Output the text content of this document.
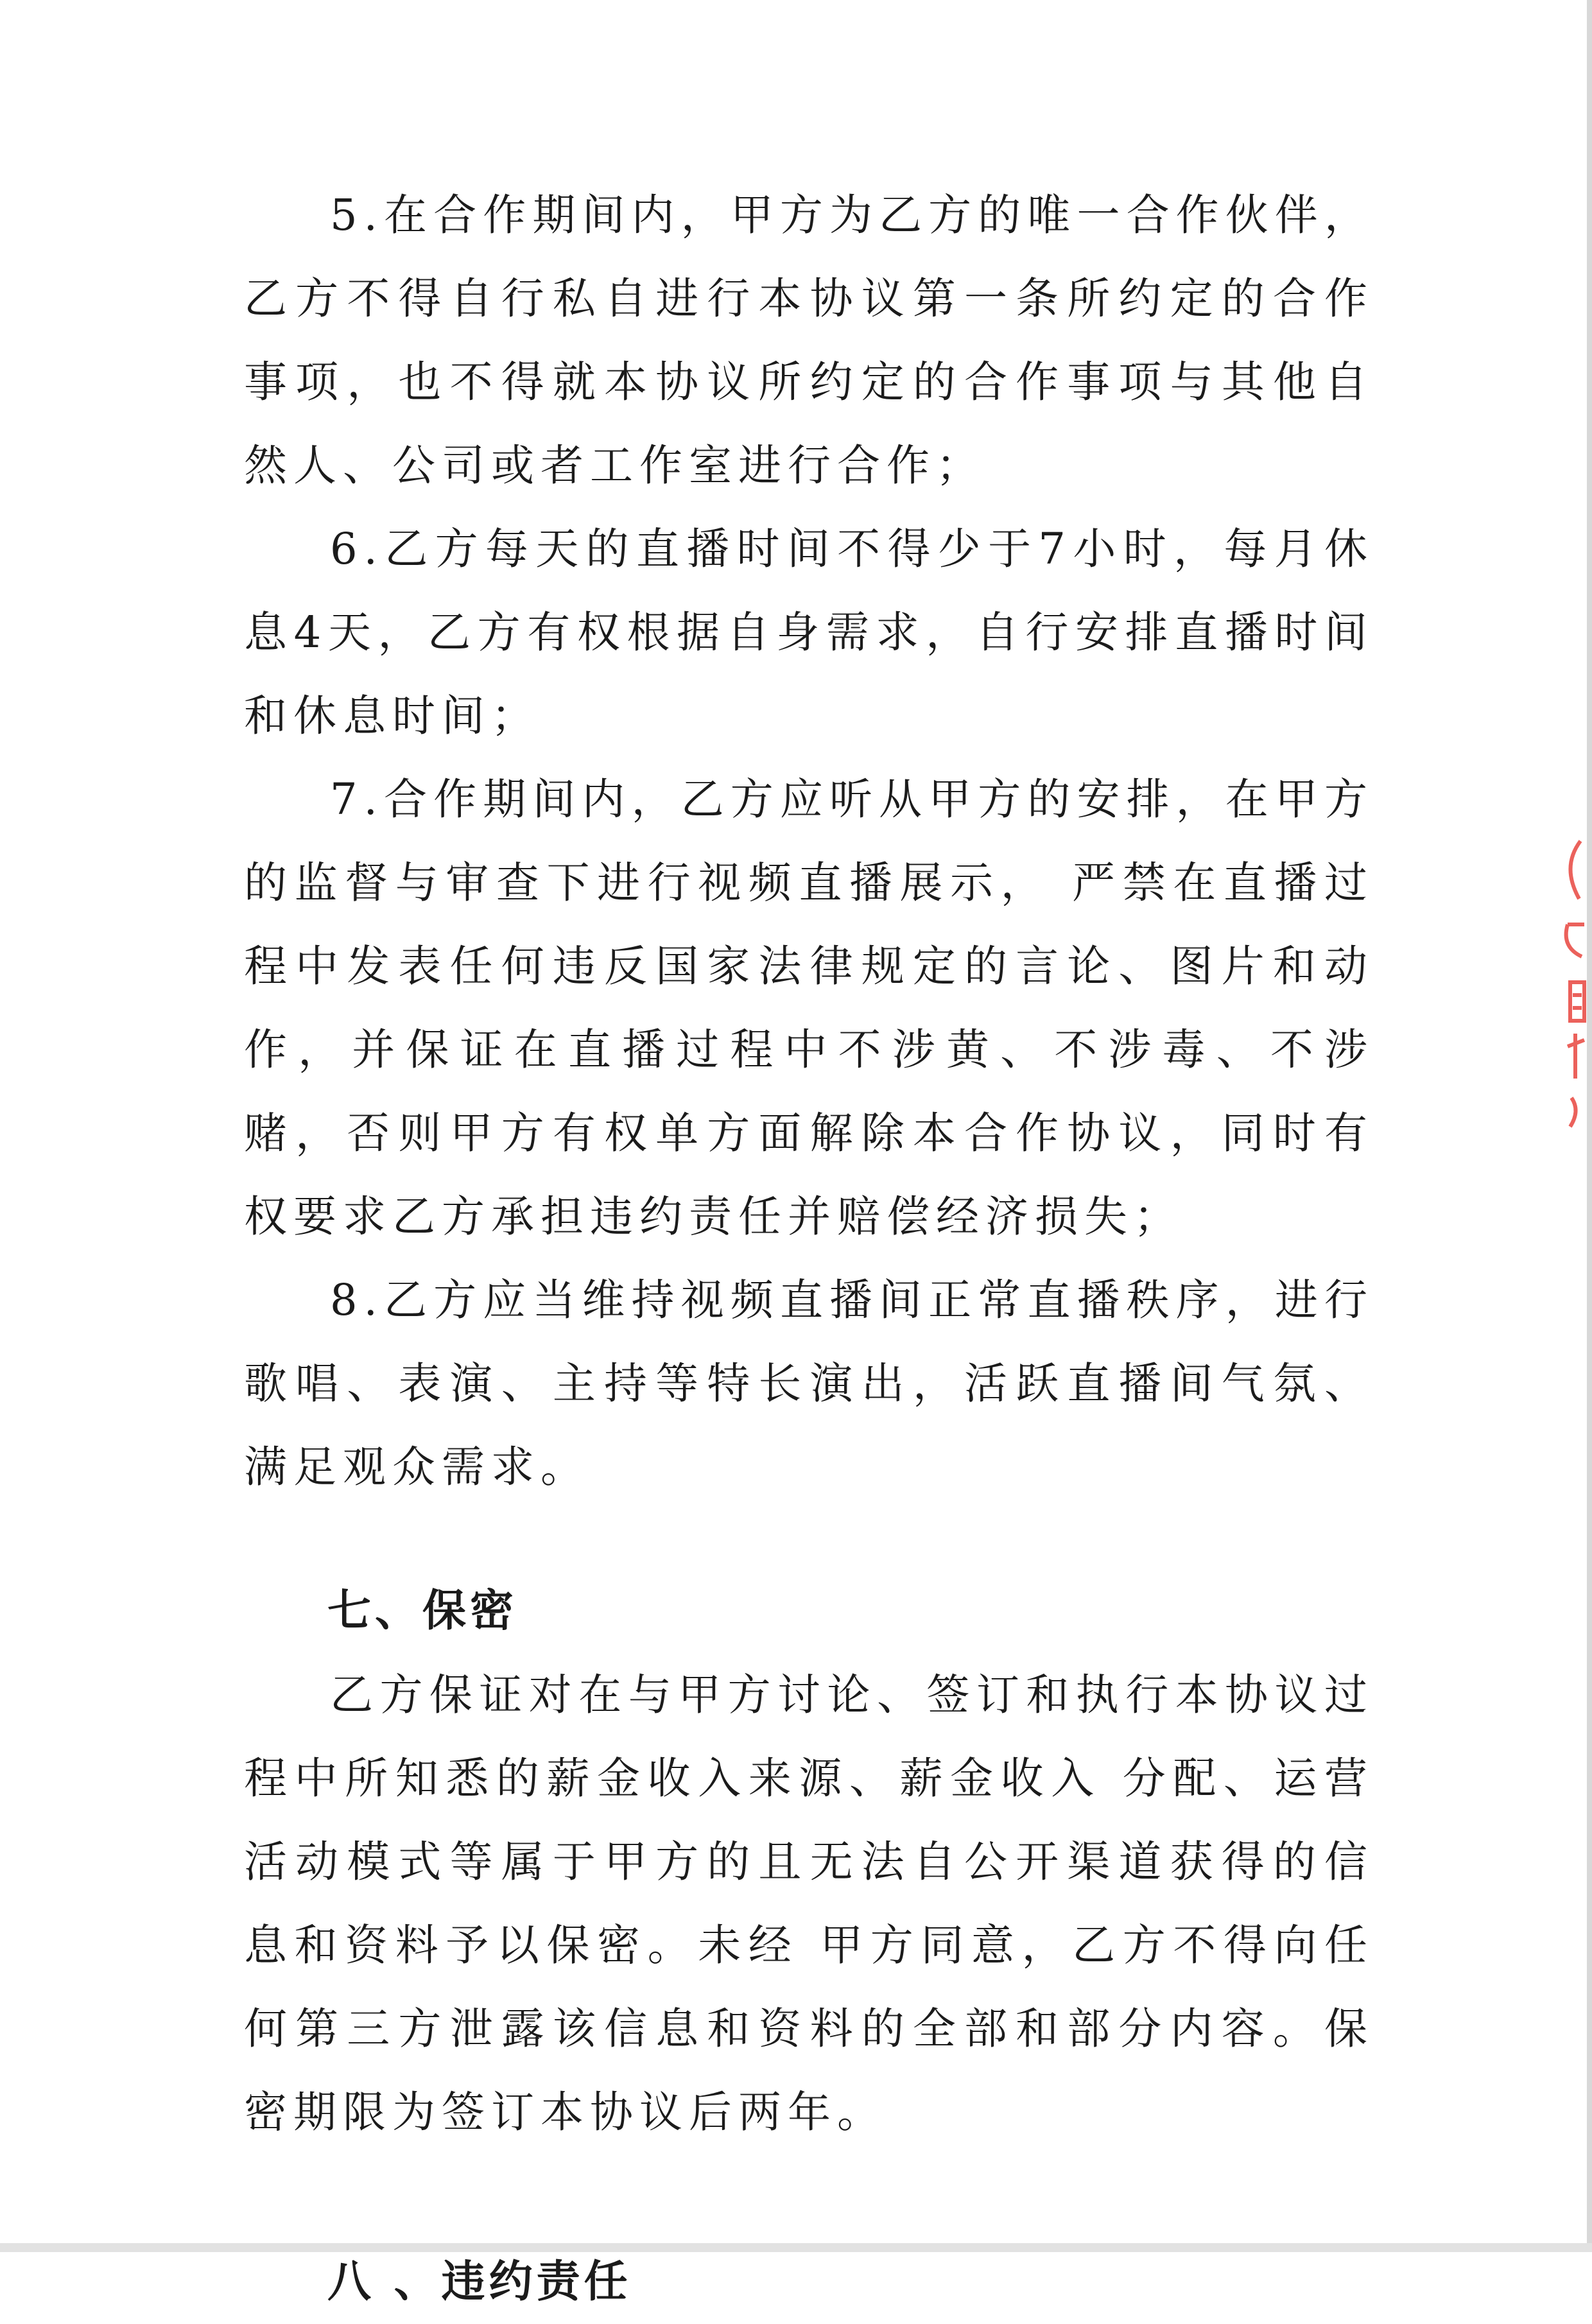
5.在合作期间内，甲方为乙方的唯一合作伙伴，乙方不得自行私自进行本协议第一条所约定的合作事项，也不得就本协议所约定的合作事项与其他自然人、公司或者工作室进行合作；

6.乙方每天的直播时间不得少于7小时，每月休息4天，乙方有权根据自身需求，自行安排直播时间和休息时间；

7.合作期间内，乙方应听从甲方的安排，在甲方的监督与审查下进行视频直播展示， 严禁在直播过程中发表任何违反国家法律规定的言论、图片和动作，并保证在直播过程中不涉黄、不涉毒、不涉赌，否则甲方有权单方面解除本合作协议，同时有权要求乙方承担违约责任并赔偿经济损失；

8.乙方应当维持视频直播间正常直播秩序，进行歌唱、表演、主持等特长演出，活跃直播间气氛、满足观众需求。

七、保密

乙方保证对在与甲方讨论、签订和执行本协议过程中所知悉的薪金收入来源、薪金收入 分配、运营活动模式等属于甲方的且无法自公开渠道获得的信息和资料予以保密。未经 甲方同意，乙方不得向任何第三方泄露该信息和资料的全部和部分内容。保密期限为签订本协议后两年。

八 、违约责任
